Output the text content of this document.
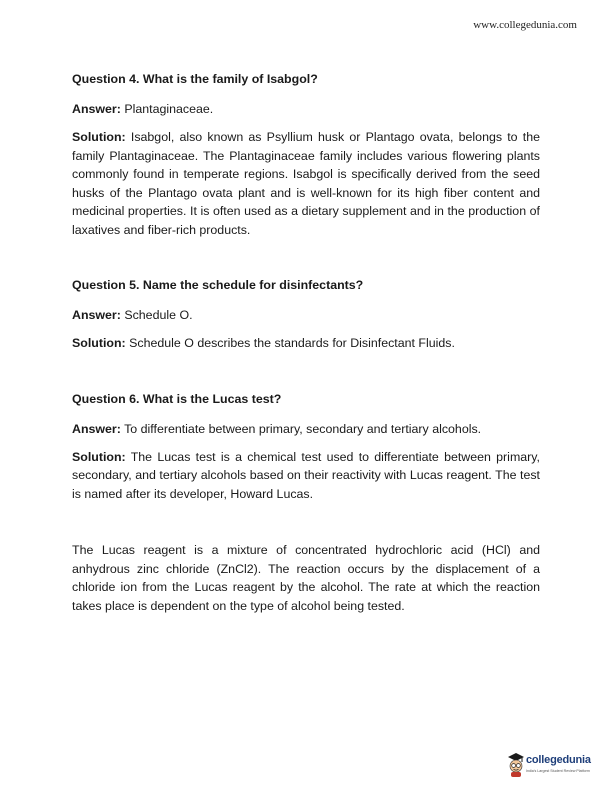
www.collegedunia.com
Question 4. What is the family of Isabgol?
Answer: Plantaginaceae.
Solution: Isabgol, also known as Psyllium husk or Plantago ovata, belongs to the family Plantaginaceae. The Plantaginaceae family includes various flowering plants commonly found in temperate regions. Isabgol is specifically derived from the seed husks of the Plantago ovata plant and is well-known for its high fiber content and medicinal properties. It is often used as a dietary supplement and in the production of laxatives and fiber-rich products.
Question 5. Name the schedule for disinfectants?
Answer: Schedule O.
Solution: Schedule O describes the standards for Disinfectant Fluids.
Question 6. What is the Lucas test?
Answer: To differentiate between primary, secondary and tertiary alcohols.
Solution: The Lucas test is a chemical test used to differentiate between primary, secondary, and tertiary alcohols based on their reactivity with Lucas reagent. The test is named after its developer, Howard Lucas.
The Lucas reagent is a mixture of concentrated hydrochloric acid (HCl) and anhydrous zinc chloride (ZnCl2). The reaction occurs by the displacement of a chloride ion from the Lucas reagent by the alcohol. The rate at which the reaction takes place is dependent on the type of alcohol being tested.
collegedunia
India's Largest Student Review Platform
